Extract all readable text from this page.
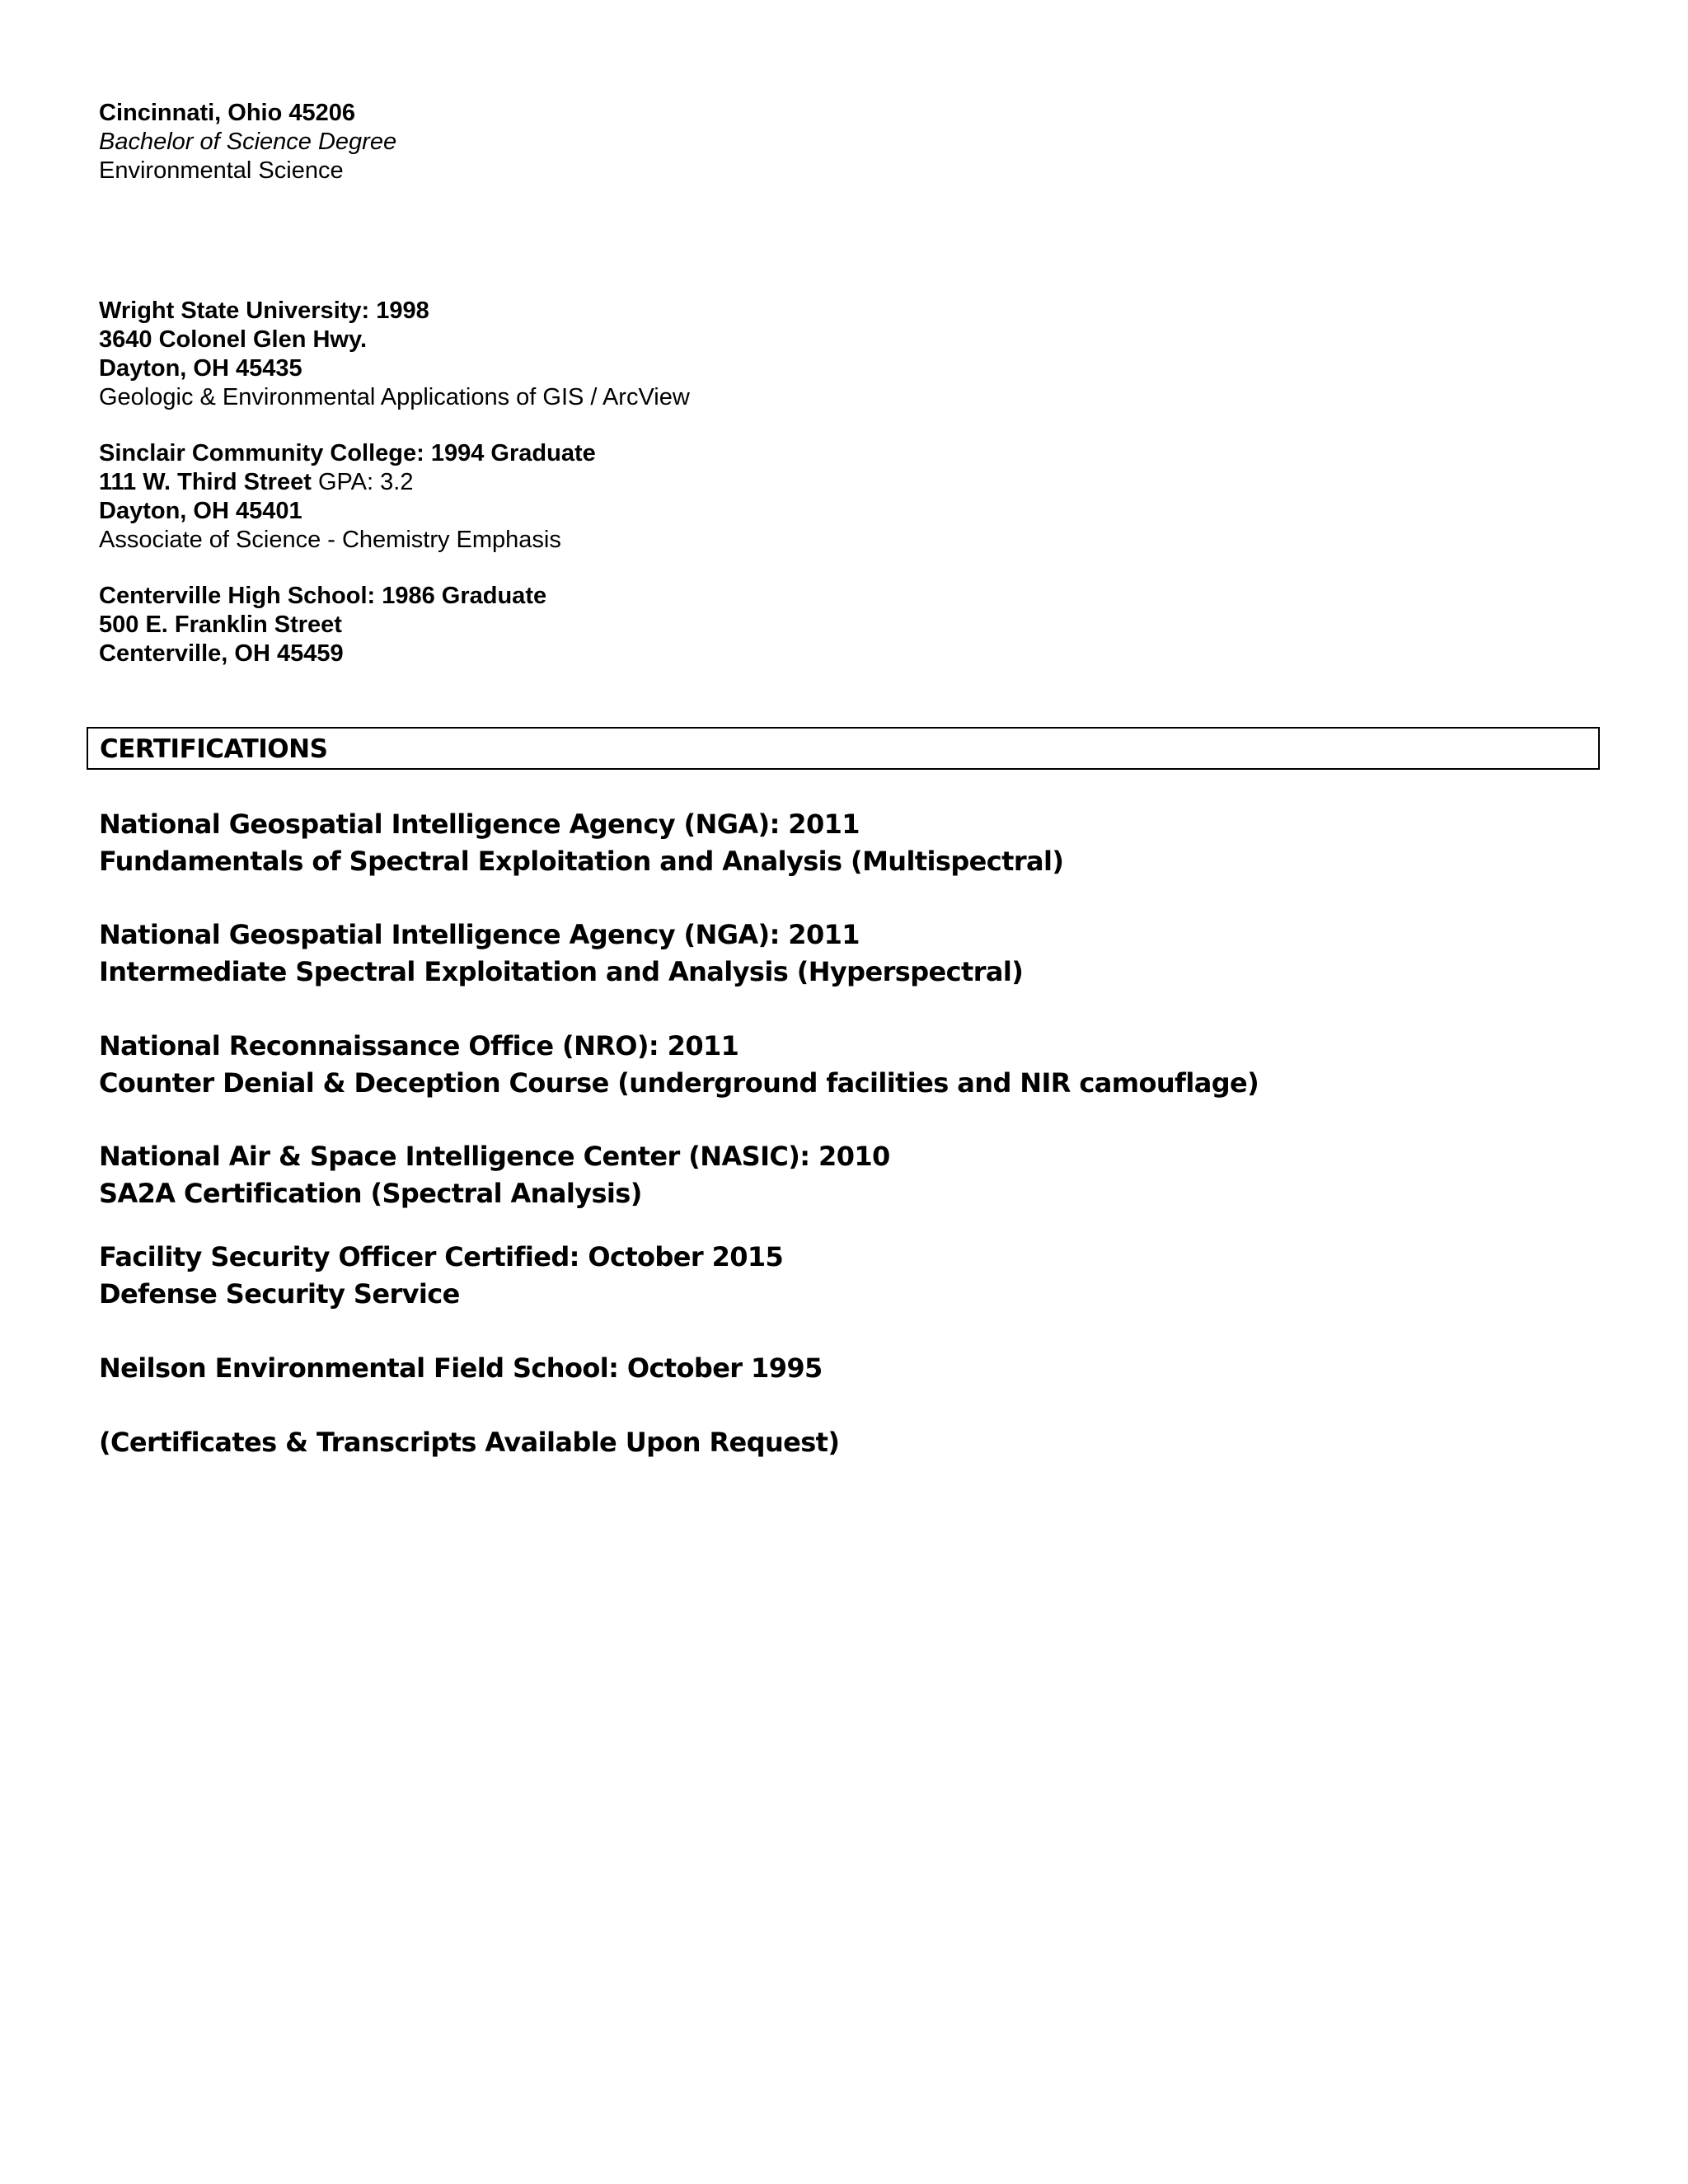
Cincinnati, Ohio 45206
Bachelor of Science Degree
Environmental Science
Wright State University: 1998
3640 Colonel Glen Hwy.
Dayton, OH 45435
Geologic & Environmental Applications of GIS / ArcView
Sinclair Community College: 1994 Graduate
111 W. Third Street GPA: 3.2
Dayton, OH 45401
Associate of Science - Chemistry Emphasis
Centerville High School: 1986 Graduate
500 E. Franklin Street
Centerville, OH 45459
CERTIFICATIONS
National Geospatial Intelligence Agency (NGA): 2011
Fundamentals of Spectral Exploitation and Analysis (Multispectral)
National Geospatial Intelligence Agency (NGA): 2011
Intermediate Spectral Exploitation and Analysis (Hyperspectral)
National Reconnaissance Office (NRO): 2011
Counter Denial & Deception Course (underground facilities and NIR camouflage)
National Air & Space Intelligence Center (NASIC): 2010
SA2A Certification (Spectral Analysis)
Facility Security Officer Certified: October 2015
Defense Security Service
Neilson Environmental Field School: October 1995
(Certificates & Transcripts Available Upon Request)
